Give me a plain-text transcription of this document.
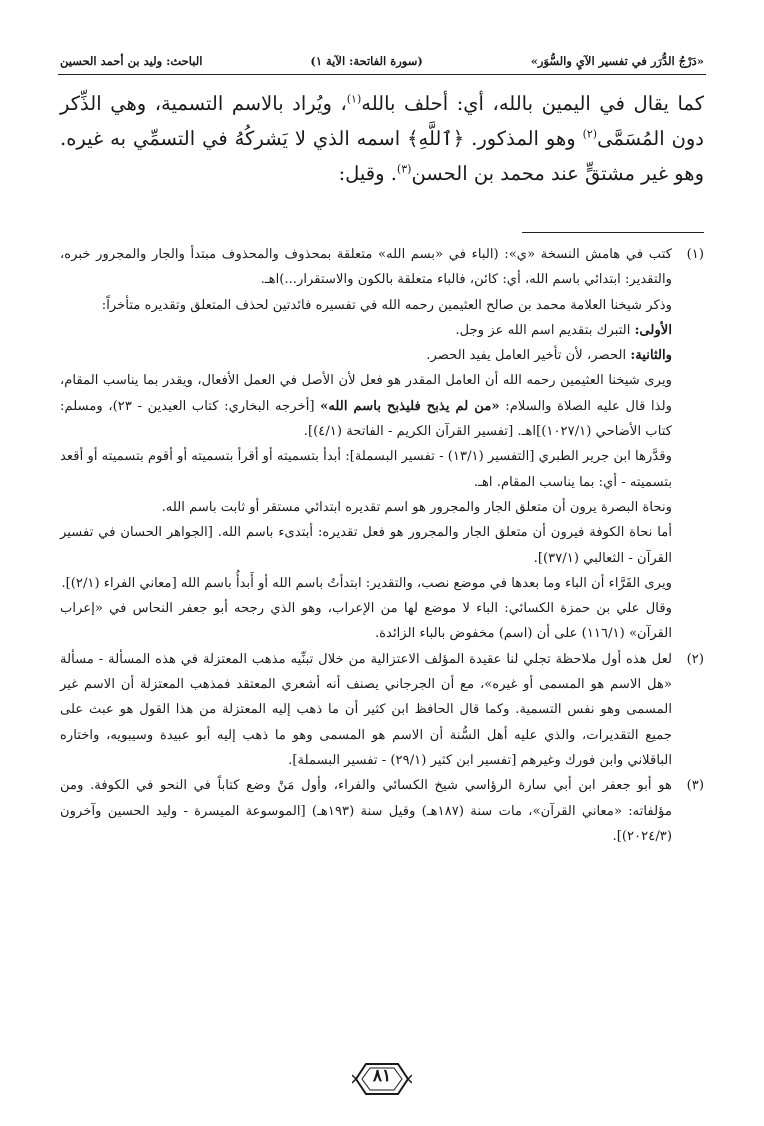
«دَرْجُ الدُّرَر في تفسير الآيِ والسُّوَر»
(سورة الفاتحة: الآية ١)
الباحث: وليد بن أحمد الحسين

كما يقال في اليمين بالله، أي: أحلف بالله$^{(١)}$، ويُراد بالاسم التسمية، وهي الذِّكر دون المُسَمَّى$^{(٢)}$ وهو المذكور. ﴿ٱللَّهِ﴾ اسمه الذي لا يَشركُهُ في التسمِّي به غيره. وهو غير مشتقٍّ عند محمد بن الحسن$^{(٣)}$. وقيل:

(١)

كتب في هامش النسخة «ي»: (الباء في «بسم الله» متعلقة بمحذوف والمحذوف مبتدأ والجار والمجرور خبره، والتقدير: ابتدائي باسم الله، أي: كائن، فالباء متعلقة بالكون والاستقرار...)اهـ.

وذكر شيخنا العلامة محمد بن صالح العثيمين رحمه الله في تفسيره فائدتين لحذف المتعلق وتقديره متأخراً:

الأولى: التبرك بتقديم اسم الله عز وجل.

والثانية: الحصر، لأن تأخير العامل يفيد الحصر.

ويرى شيخنا العثيمين رحمه الله أن العامل المقدر هو فعل لأن الأصل في العمل الأفعال، ويقدر بما يناسب المقام، ولذا قال عليه الصلاة والسلام: «من لم يذبح فليذبح باسم الله» [أخرجه البخاري: كتاب العيدين - ٢٣)، ومسلم: كتاب الأضاحي (١٠٢٧/١)]اهـ. [تفسير القرآن الكريم - الفاتحة (٤/١)].

وقدَّرها ابن جرير الطبري [التفسير (١٣/١) - تفسير البسملة]: أبدأ بتسميته أو أقرأ بتسميته أو أقوم بتسميته أو أقعد بتسميته - أي: بما يناسب المقام. اهـ.

ونحاة البصرة يرون أن متعلق الجار والمجرور هو اسم تقديره ابتدائي مستقر أو ثابت باسم الله.

أما نحاة الكوفة فيرون أن متعلق الجار والمجرور هو فعل تقديره: أبتدىء باسم الله. [الجواهر الحسان في تفسير القرآن - الثعالبي (٣٧/١)].

ويرى الفَرَّاء أن الباء وما بعدها في موضع نصب، والتقدير: ابتدأتُ باسم الله أو أَبدأُ باسم الله [معاني الفراء (٢/١)].

وقال علي بن حمزة الكسائي: الباء لا موضع لها من الإعراب، وهو الذي رجحه أبو جعفر النحاس في «إعراب القرآن» (١١٦/١) على أن (اسم) مخفوض بالباء الزائدة.

(٢)

لعل هذه أول ملاحظة تجلي لنا عقيدة المؤلف الاعتزالية من خلال تبنِّيه مذهب المعتزلة في هذه المسألة - مسألة «هل الاسم هو المسمى أو غيره»، مع أن الجرجاني يصنف أنه أشعري المعتقد فمذهب المعتزلة أن الاسم غير المسمى وهو نفس التسمية. وكما قال الحافظ ابن كثير أن ما ذهب إليه المعتزلة من هذا القول هو عبث على جميع التقديرات، والذي عليه أهل السُّنة أن الاسم هو المسمى وهو ما ذهب إليه أبو عبيدة وسيبويه، واختاره الباقلاني وابن فورك وغيرهم [تفسير ابن كثير (٢٩/١) - تفسير البسملة].

(٣)

هو أبو جعفر ابن أبي سارة الرؤاسي شيخ الكسائي والفراء، وأول مَنْ وضع كتاباً في النحو في الكوفة. ومن مؤلفاته: «معاني القرآن»، مات سنة (١٨٧هـ) وقيل سنة (١٩٣هـ) [الموسوعة الميسرة - وليد الحسين وآخرون (٢٠٢٤/٣)].

٨١
